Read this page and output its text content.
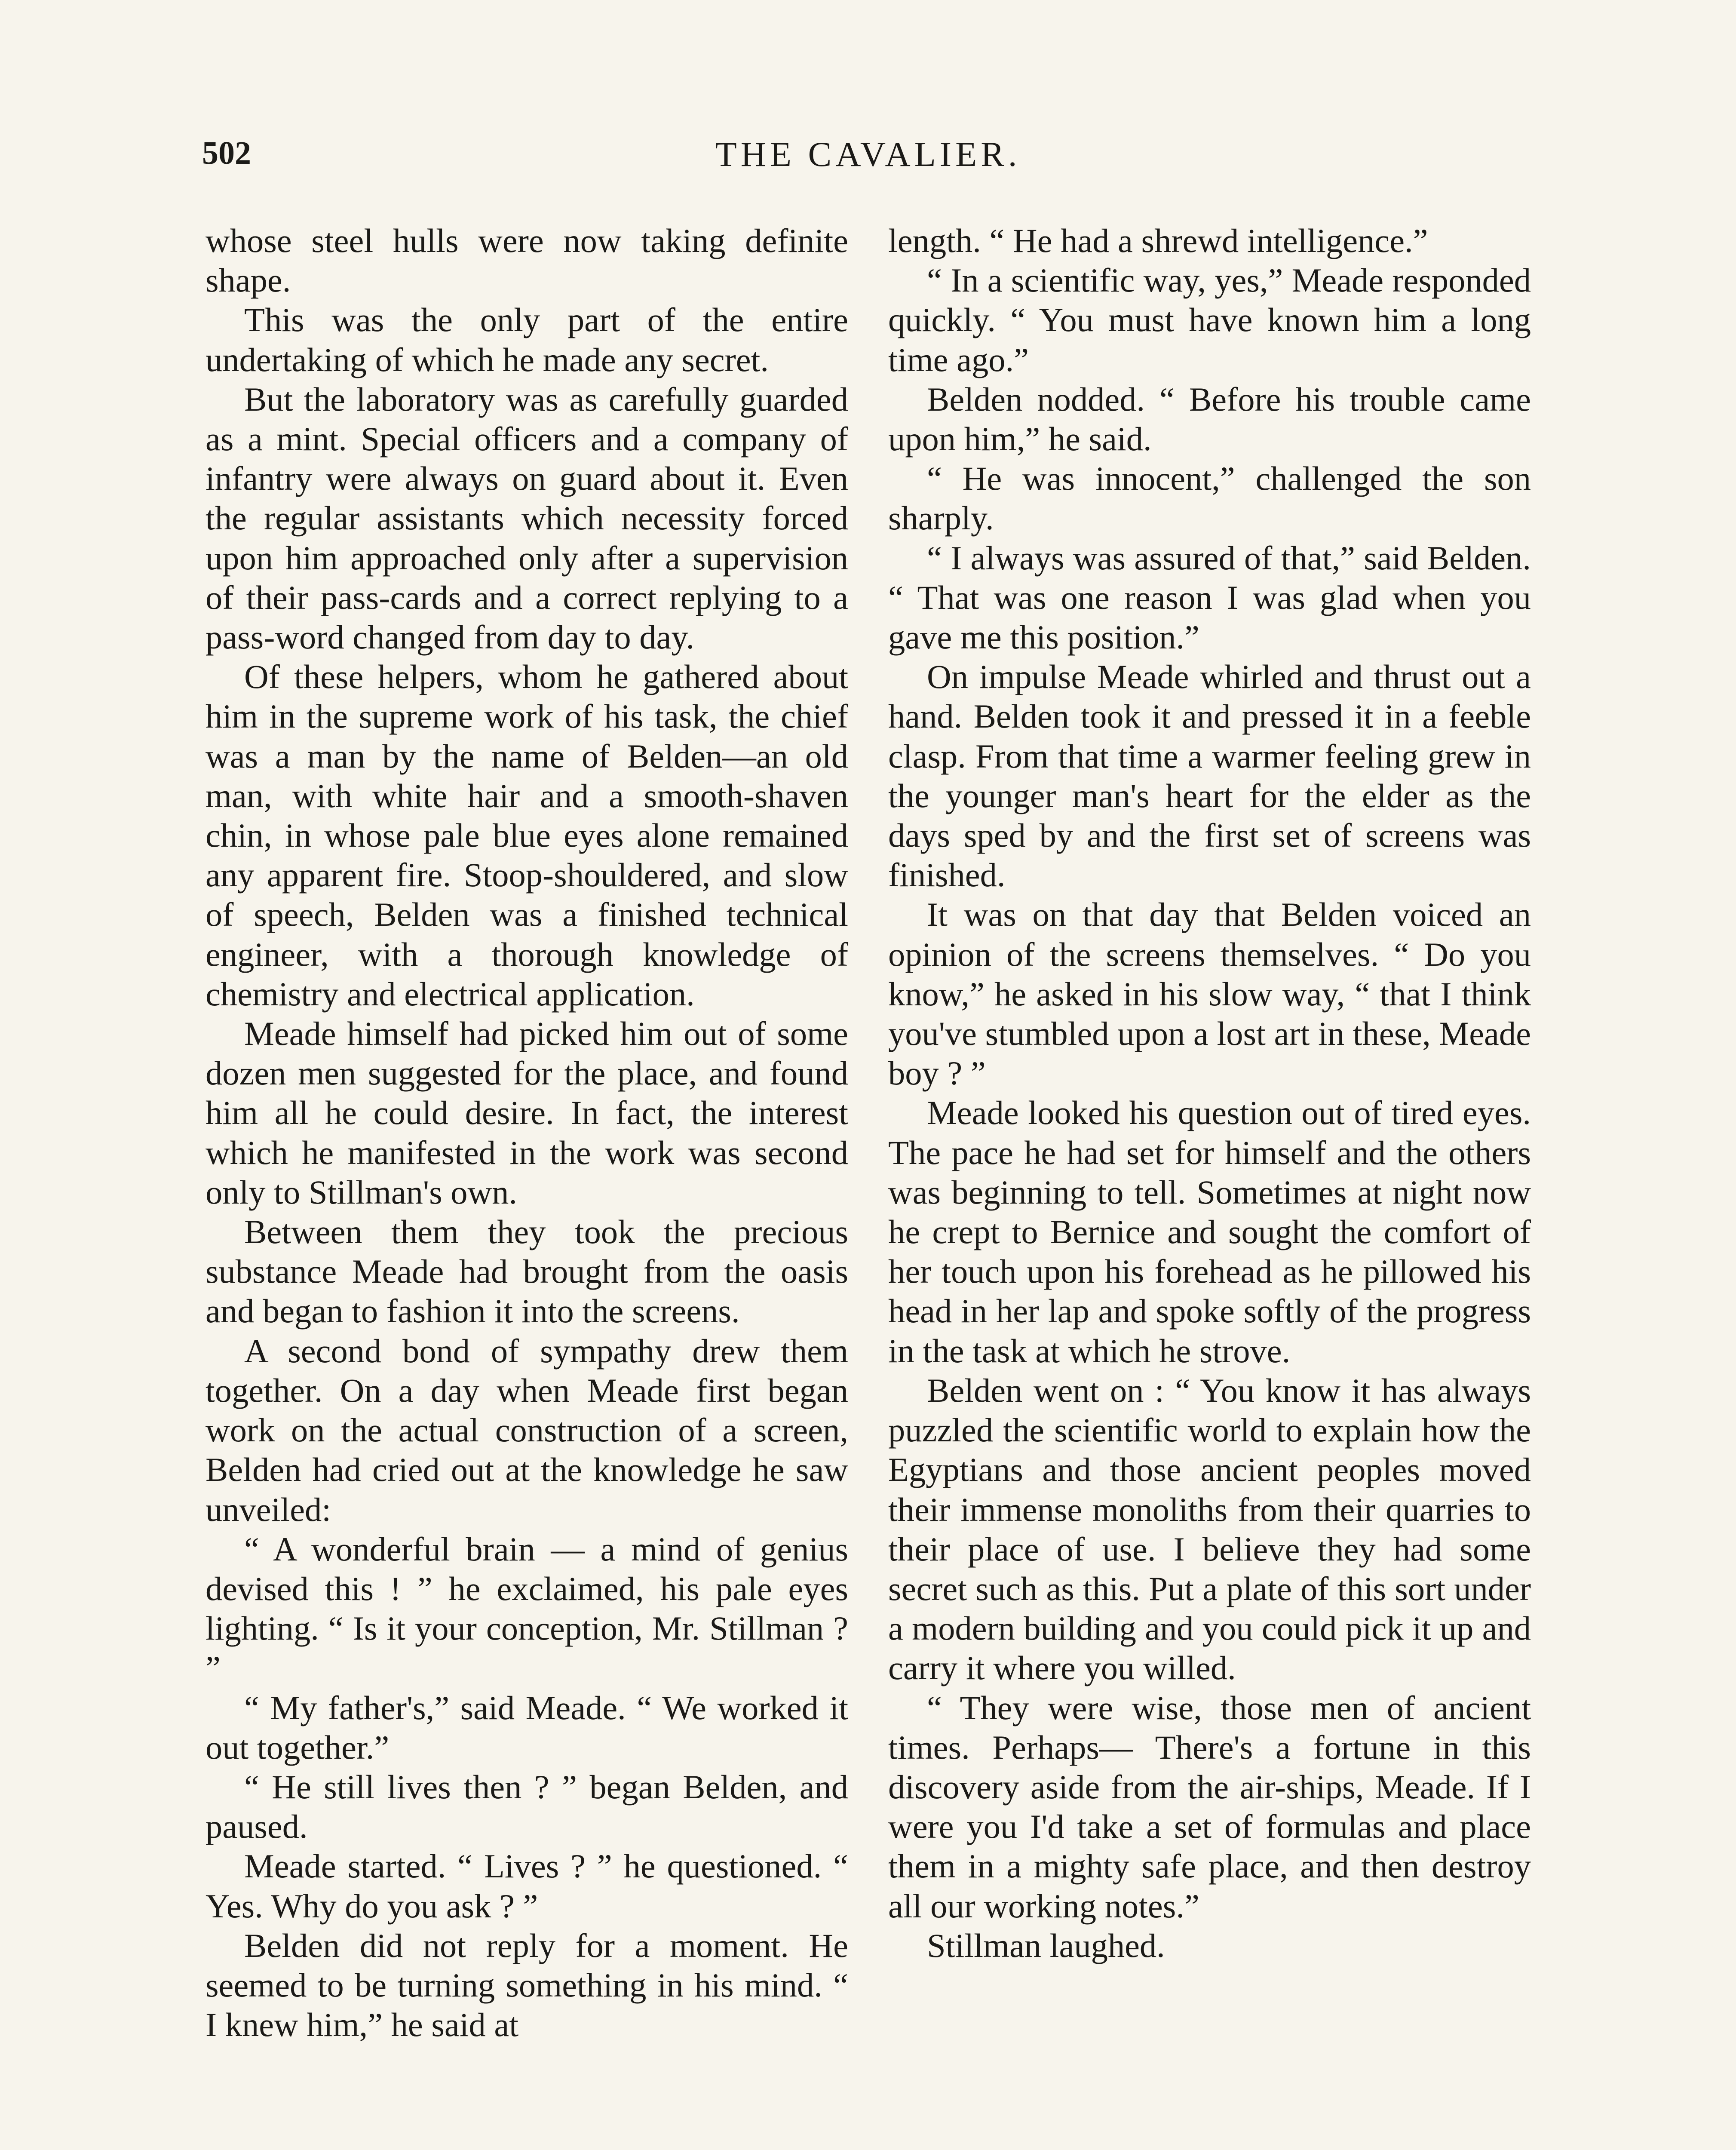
502	THE CAVALIER.

whose steel hulls were now taking definite shape.

This was the only part of the entire undertaking of which he made any secret.

But the laboratory was as carefully guarded as a mint. Special officers and a company of infantry were always on guard about it. Even the regular assistants which necessity forced upon him approached only after a supervision of their pass-cards and a correct replying to a pass-word changed from day to day.

Of these helpers, whom he gathered about him in the supreme work of his task, the chief was a man by the name of Belden—an old man, with white hair and a smooth-shaven chin, in whose pale blue eyes alone remained any apparent fire. Stoop-shouldered, and slow of speech, Belden was a finished technical engineer, with a thorough knowledge of chemistry and electrical application.

Meade himself had picked him out of some dozen men suggested for the place, and found him all he could desire. In fact, the interest which he manifested in the work was second only to Stillman's own.

Between them they took the precious substance Meade had brought from the oasis and began to fashion it into the screens.

A second bond of sympathy drew them together. On a day when Meade first began work on the actual construction of a screen, Belden had cried out at the knowledge he saw unveiled:

“ A wonderful brain — a mind of genius devised this ! ” he exclaimed, his pale eyes lighting. “ Is it your conception, Mr. Stillman ? ”

“ My father's,” said Meade. “ We worked it out together.”

“ He still lives then ? ” began Belden, and paused.

Meade started. “ Lives ? ” he questioned. “ Yes. Why do you ask ? ”

Belden did not reply for a moment. He seemed to be turning something in his mind. “ I knew him,” he said at

length. “ He had a shrewd intelligence.”

“ In a scientific way, yes,” Meade responded quickly. “ You must have known him a long time ago.”

Belden nodded. “ Before his trouble came upon him,” he said.

“ He was innocent,” challenged the son sharply.

“ I always was assured of that,” said Belden. “ That was one reason I was glad when you gave me this position.”

On impulse Meade whirled and thrust out a hand. Belden took it and pressed it in a feeble clasp. From that time a warmer feeling grew in the younger man's heart for the elder as the days sped by and the first set of screens was finished.

It was on that day that Belden voiced an opinion of the screens themselves. “ Do you know,” he asked in his slow way, “ that I think you've stumbled upon a lost art in these, Meade boy ? ”

Meade looked his question out of tired eyes. The pace he had set for himself and the others was beginning to tell. Sometimes at night now he crept to Bernice and sought the comfort of her touch upon his forehead as he pillowed his head in her lap and spoke softly of the progress in the task at which he strove.

Belden went on : “ You know it has always puzzled the scientific world to explain how the Egyptians and those ancient peoples moved their immense monoliths from their quarries to their place of use. I believe they had some secret such as this. Put a plate of this sort under a modern building and you could pick it up and carry it where you willed.

“ They were wise, those men of ancient times. Perhaps— There's a fortune in this discovery aside from the air-ships, Meade. If I were you I'd take a set of formulas and place them in a mighty safe place, and then destroy all our working notes.”

Stillman laughed.
